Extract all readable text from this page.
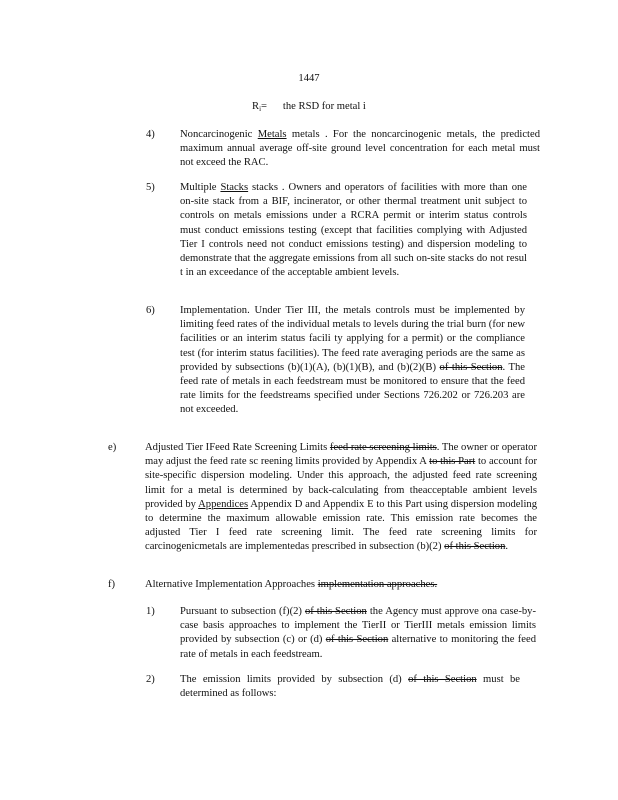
1447
$R_i=$ the RSD for metal i
4) Noncarcinogenic Metals metals . For the noncarcinogenic metals, the predicted maximum annual average off-site ground level concentration for each metal must not exceed the RAC.
5) Multiple Stacks stacks . Owners and operators of facilities with more than one on-site stack from a BIF, incinerator, or other thermal treatment unit subject to controls on metals emissions under a RCRA permit or interim status controls must conduct emissions testing (except that facilities complying with Adjusted Tier I controls need not conduct emissions testing) and dispersion modeling to demonstrate that the aggregate emissions from all such on-site stacks do not resul t in an exceedance of the acceptable ambient levels.
6) Implementation. Under Tier III, the metals controls must be implemented by limiting feed rates of the individual metals to levels during the trial burn (for new facilities or an interim status facili ty applying for a permit) or the compliance test (for interim status facilities). The feed rate averaging periods are the same as provided by subsections (b)(1)(A), (b)(1)(B), and (b)(2)(B) of this Section. The feed rate of metals in each feedstream must be monitored to ensure that the feed rate limits for the feedstreams specified under Sections 726.202 or 726.203 are not exceeded.
e)	Adjusted Tier IFeed Rate Screening Limits feed rate screening limits. The owner or operator may adjust the feed rate sc reening limits provided by Appendix A to this Part to account for site-specific dispersion modeling. Under this approach, the adjusted feed rate screening limit for a metal is determined by back-calculating from theacceptable ambient levels provided by Appendices Appendix D and Appendix E to this Part using dispersion modeling to determine the maximum allowable emission rate. This emission rate becomes the adjusted Tier I feed rate screening limit. The feed rate screening limits for carcinogenicmetals are implementedas prescribed in subsection (b)(2) of this Section.
f)	Alternative Implementation Approaches implementation approaches.
1) Pursuant to subsection (f)(2) of this Section the Agency must approve ona case-by-case basis approaches to implement the TierII or TierIII metals emission limits provided by subsection (c) or (d) of this Section alternative to monitoring the feed rate of metals in each feedstream.
2) The emission limits provided by subsection (d) of this Section must be determined as follows:
